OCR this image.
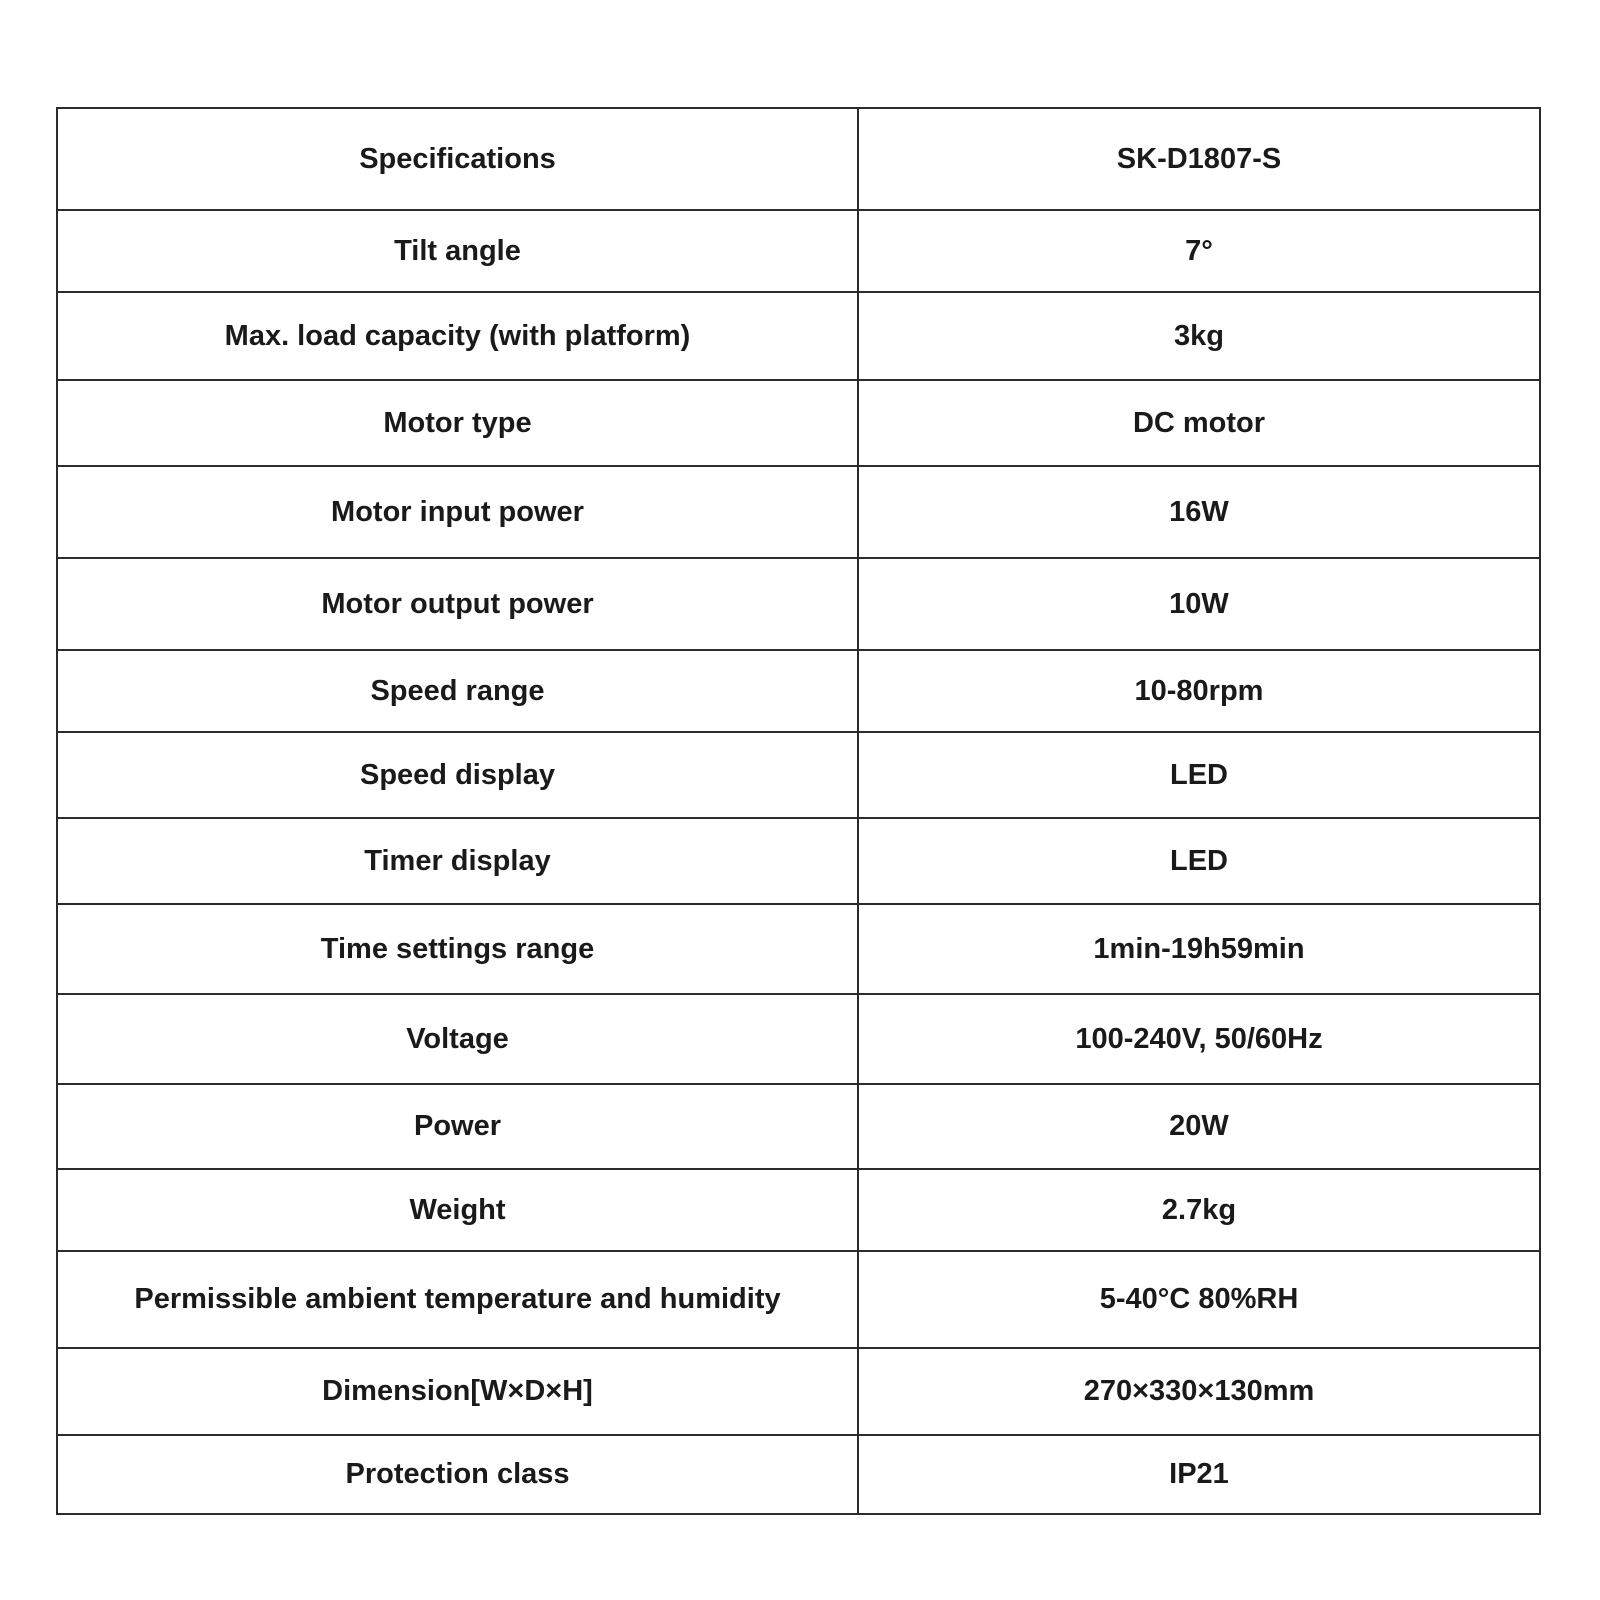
Specifications	SK-D1807-S
Tilt angle	7°
Max. load capacity (with platform)	3kg
Motor type	DC motor
Motor input power	16W
Motor output power	10W
Speed range	10-80rpm
Speed display	LED
Timer display	LED
Time settings range	1min-19h59min
Voltage	100-240V, 50/60Hz
Power	20W
Weight	2.7kg
Permissible ambient temperature and humidity	5-40°C 80%RH
Dimension[W×D×H]	270×330×130mm
Protection class	IP21
